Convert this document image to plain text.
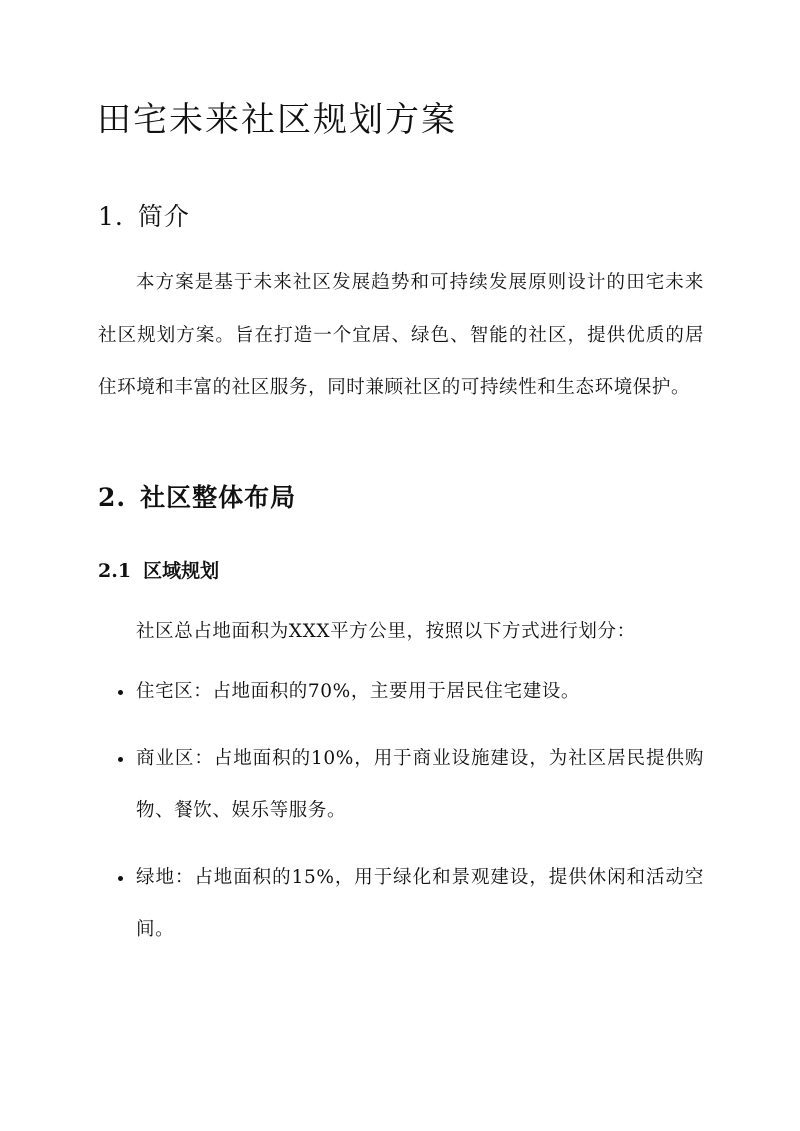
田宅未来社区规划方案
1. 简介
本方案是基于未来社区发展趋势和可持续发展原则设计的田宅未来社区规划方案。旨在打造一个宜居、绿色、智能的社区，提供优质的居住环境和丰富的社区服务，同时兼顾社区的可持续性和生态环境保护。
2. 社区整体布局
2.1 区域规划
社区总占地面积为XXX平方公里，按照以下方式进行划分：
住宅区：占地面积的70%，主要用于居民住宅建设。
商业区：占地面积的10%，用于商业设施建设，为社区居民提供购物、餐饮、娱乐等服务。
绿地：占地面积的15%，用于绿化和景观建设，提供休闲和活动空间。
